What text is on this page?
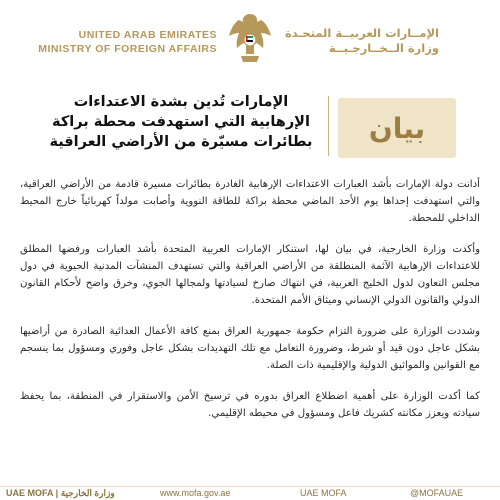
UNITED ARAB EMIRATES
MINISTRY OF FOREIGN AFFAIRS
الإمــارات العربيــة المتحـدة
وزارة الــخــارجـيــة
الإمارات تُدين بشدة الاعتداءات الإرهابية التي استهدفت محطة براكة بطائرات مسيّرة من الأراضي العراقية	بيان

أدانت دولة الإمارات بأشد العبارات الاعتداءات الإرهابية الغادرة بطائرات مسيرة قادمة من الأراضي العراقية، والتي استهدفت إحداها يوم الأحد الماضي محطة براكة للطاقة النووية وأصابت مولداً كهربائياً خارج المحيط الداخلي للمحطة.

وأكدت وزارة الخارجية، في بيان لها، استنكار الإمارات العربية المتحدة بأشد العبارات ورفضها المطلق للاعتداءات الإرهابية الآثمة المنطلقة من الأراضي العراقية والتي تستهدف المنشآت المدنية الحيوية في دول مجلس التعاون لدول الخليج العربية، في انتهاك صارخ لسيادتها ولمجالها الجوي، وخرق واضح لأحكام القانون الدولي والقانون الدولي الإنساني وميثاق الأمم المتحدة.

وشددت الوزارة على ضرورة التزام حكومة جمهورية العراق بمنع كافة الأعمال العدائية الصادرة من أراضيها بشكل عاجل دون قيد أو شرط، وضرورة التعامل مع تلك التهديدات بشكل عاجل وفوري ومسؤول بما ينسجم مع القوانين والمواثيق الدولية والإقليمية ذات الصلة.

كما أكدت الوزارة على أهمية اضطلاع العراق بدوره في ترسيخ الأمن والاستقرار في المنطقة، بما يحفظ سيادته ويعزز مكانته كشريك فاعل ومسؤول في محيطه الإقليمي.

UAE MOFA | وزارة الخارجية	www.mofa.gov.ae	UAE MOFA	@MOFAUAE
